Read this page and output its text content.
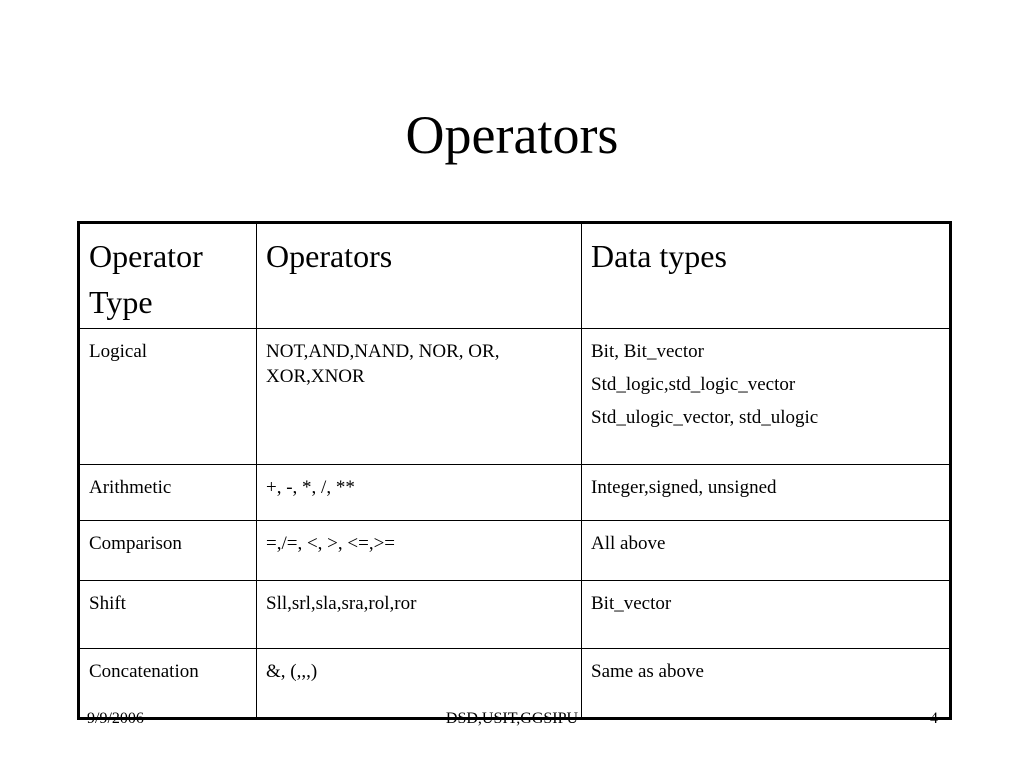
Operators
Operator Type	Operators	Data types
Logical	NOT,AND,NAND, NOR, OR, XOR,XNOR	Bit, Bit_vector
Std_logic,std_logic_vector
Std_ulogic_vector, std_ulogic

Arithmetic	+, -, *, /, **	Integer,signed, unsigned

Comparison	=,/=, <, >, <=,>=	All above

Shift	Sll,srl,sla,sra,rol,ror	Bit_vector

Concatenation	&, (,,,)	Same as above
9/9/2006	DSD,USIT,GGSIPU	4
